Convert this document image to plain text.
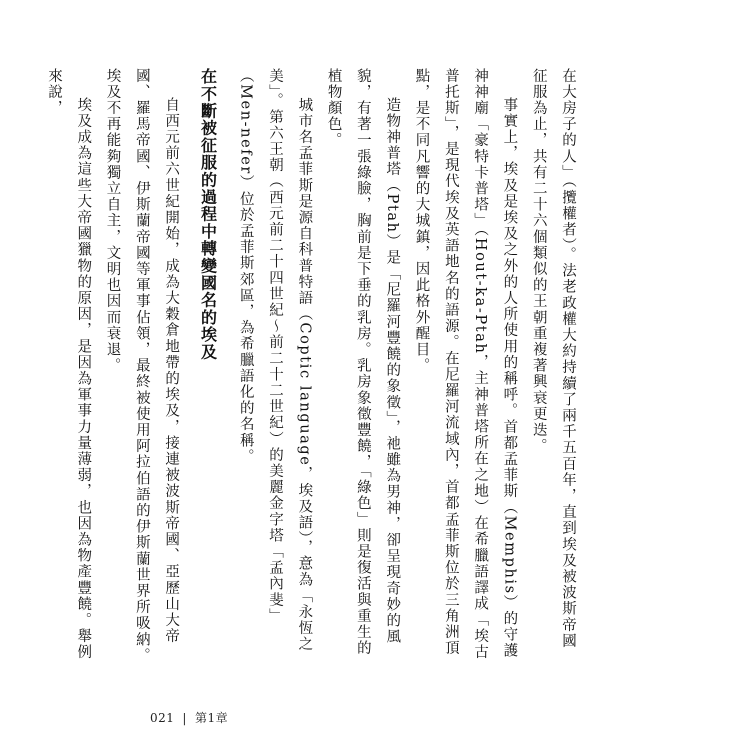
在大房子的人」（攬權者）。法老政權大約持續了兩千五百年，直到埃及被波斯帝國征服為止，共有二十六個類似的王朝重複著興衰更迭。

事實上，埃及是埃及之外的人所使用的稱呼。首都孟菲斯（Memphis）的守護神神廟「豪特卡普塔」（Hout-ka-Ptah，主神普塔所在之地）在希臘語譯成「埃古普托斯」，是現代埃及英語地名的語源。在尼羅河流域內，首都孟菲斯位於三角洲頂點，是不同凡響的大城鎮，因此格外醒目。

造物神普塔（Ptah）是「尼羅河豐饒的象徵」，祂雖為男神，卻呈現奇妙的風貌，有著一張綠臉，胸前是下垂的乳房。乳房象徵豐饒，「綠色」則是復活與重生的植物顏色。

城市名孟菲斯是源自科普特語（Coptic language，埃及語），意為「永恆之美」。第六王朝（西元前二十四世紀～前二十二世紀）的美麗金字塔「孟內斐」（Men-nefer）位於孟菲斯郊區，為希臘語化的名稱。

在不斷被征服的過程中轉變國名的埃及

自西元前六世紀開始，成為大穀倉地帶的埃及，接連被波斯帝國、亞歷山大帝國、羅馬帝國、伊斯蘭帝國等軍事佔領，最終被使用阿拉伯語的伊斯蘭世界所吸納。埃及不再能夠獨立自主，文明也因而衰退。

埃及成為這些大帝國獵物的原因，是因為軍事力量薄弱，也因為物產豐饒。舉例來說，

021 | 第1章
